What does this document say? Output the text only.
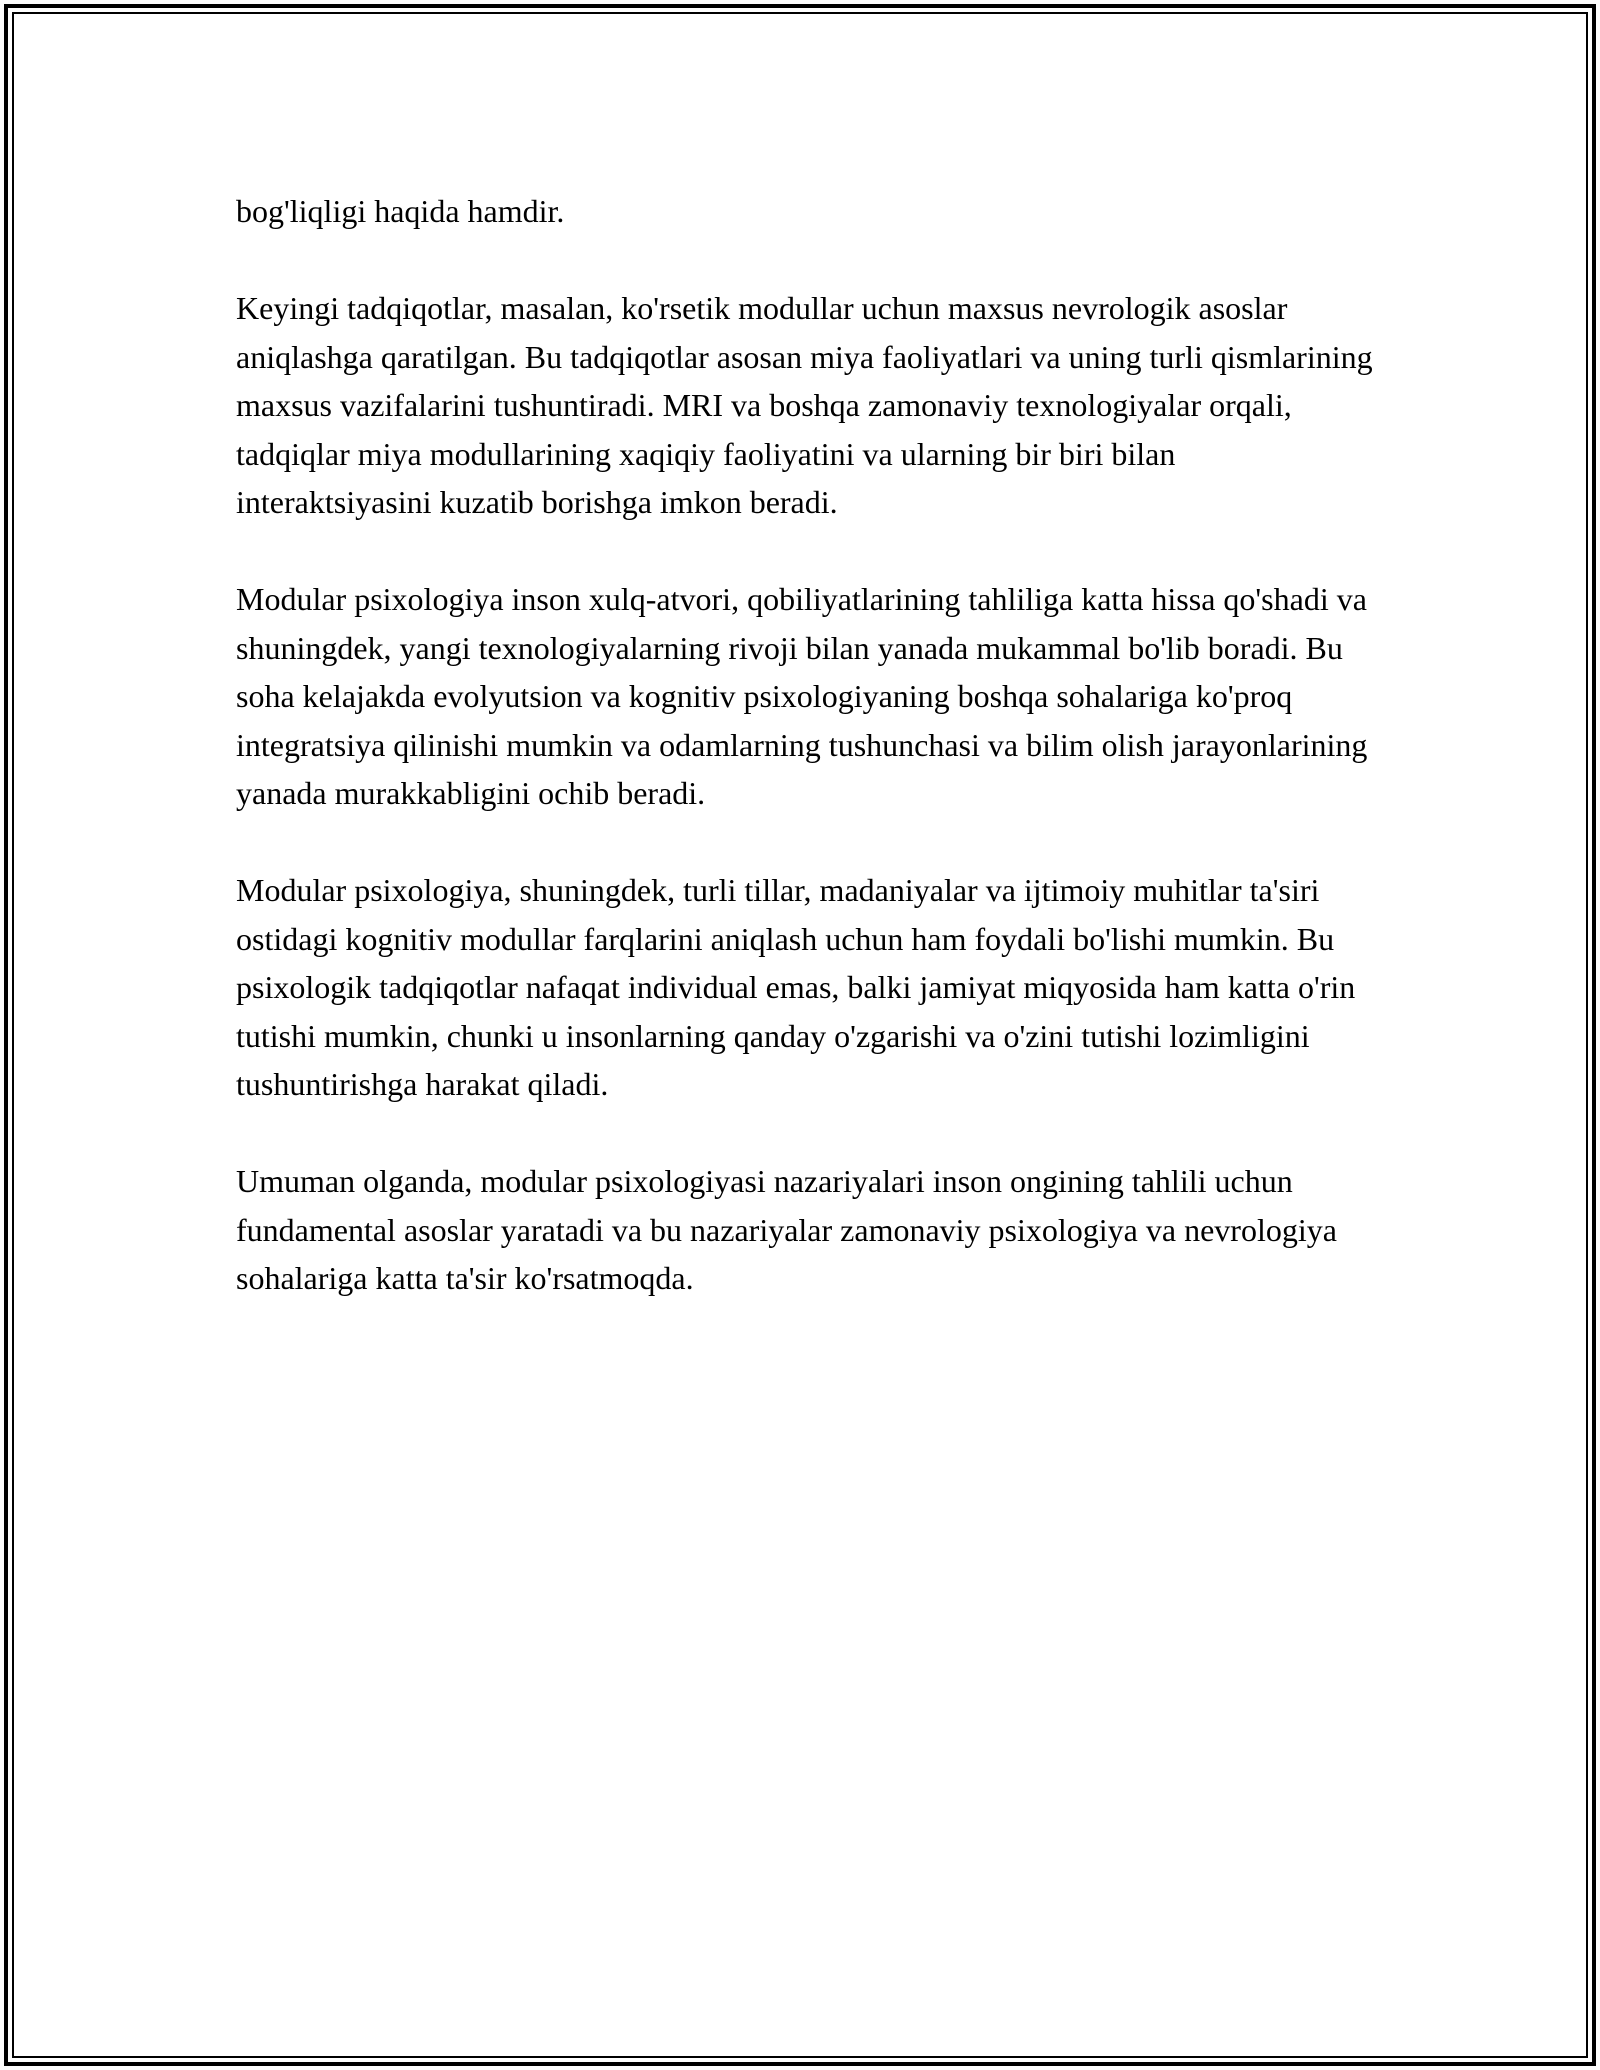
bog'liqligi haqida hamdir.

Keyingi tadqiqotlar, masalan, ko'rsetik modullar uchun maxsus nevrologik asoslar aniqlashga qaratilgan. Bu tadqiqotlar asosan miya faoliyatlari va uning turli qismlarining maxsus vazifalarini tushuntiradi. MRI va boshqa zamonaviy texnologiyalar orqali, tadqiqlar miya modullarining xaqiqiy faoliyatini va ularning bir biri bilan interaktsiyasini kuzatib borishga imkon beradi.

Modular psixologiya inson xulq-atvori, qobiliyatlarining tahliliga katta hissa qo'shadi va shuningdek, yangi texnologiyalarning rivoji bilan yanada mukammal bo'lib boradi. Bu soha kelajakda evolyutsion va kognitiv psixologiyaning boshqa sohalariga ko'proq integratsiya qilinishi mumkin va odamlarning tushunchasi va bilim olish jarayonlarining yanada murakkabligini ochib beradi.

Modular psixologiya, shuningdek, turli tillar, madaniyalar va ijtimoiy muhitlar ta'siri ostidagi kognitiv modullar farqlarini aniqlash uchun ham foydali bo'lishi mumkin. Bu psixologik tadqiqotlar nafaqat individual emas, balki jamiyat miqyosida ham katta o'rin tutishi mumkin, chunki u insonlarning qanday o'zgarishi va o'zini tutishi lozimligini tushuntirishga harakat qiladi.

Umuman olganda, modular psixologiyasi nazariyalari inson ongining tahlili uchun fundamental asoslar yaratadi va bu nazariyalar zamonaviy psixologiya va nevrologiya sohalariga katta ta'sir ko'rsatmoqda.
